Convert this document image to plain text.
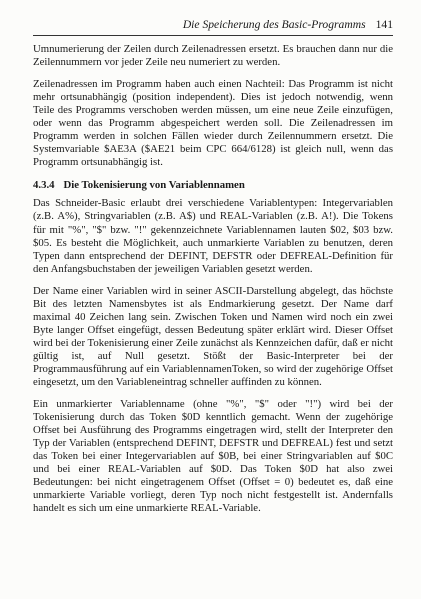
Die Speicherung des Basic-Programms 141

Umnumerierung der Zeilen durch Zeilenadressen ersetzt. Es brauchen dann nur die Zeilennummern vor jeder Zeile neu numeriert zu werden.

Zeilenadressen im Programm haben auch einen Nachteil: Das Programm ist nicht mehr ortsunabhängig (position independent). Dies ist jedoch notwendig, wenn Teile des Programms verschoben werden müssen, um eine neue Zeile einzufügen, oder wenn das Programm abgespeichert werden soll. Die Zeilenadressen im Programm werden in solchen Fällen wieder durch Zeilennummern ersetzt. Die Systemvariable $AE3A ($AE21 beim CPC 664/6128) ist gleich null, wenn das Programm ortsunabhängig ist.

4.3.4 Die Tokenisierung von Variablennamen

Das Schneider-Basic erlaubt drei verschiedene Variablentypen: Integervariablen (z.B. A%), Stringvariablen (z.B. A$) und REAL-Variablen (z.B. A!). Die Tokens für mit "%", "$" bzw. "!" gekennzeichnete Variablennamen lauten $02, $03 bzw. $05. Es besteht die Möglichkeit, auch unmarkierte Variablen zu benutzen, deren Typen dann entsprechend der DEFINT, DEFSTR oder DEFREAL-Definition für den Anfangsbuchstaben der jeweiligen Variablen gesetzt werden.

Der Name einer Variablen wird in seiner ASCII-Darstellung abgelegt, das höchste Bit des letzten Namensbytes ist als Endmarkierung gesetzt. Der Name darf maximal 40 Zeichen lang sein. Zwischen Token und Namen wird noch ein zwei Byte langer Offset eingefügt, dessen Bedeutung später erklärt wird. Dieser Offset wird bei der Tokenisierung einer Zeile zunächst als Kennzeichen dafür, daß er nicht gültig ist, auf Null gesetzt. Stößt der Basic-Interpreter bei der Programmausführung auf ein VariablennamenToken, so wird der zugehörige Offset eingesetzt, um den Variableneintrag schneller auffinden zu können.

Ein unmarkierter Variablenname (ohne "%", "$" oder "!") wird bei der Tokenisierung durch das Token $0D kenntlich gemacht. Wenn der zugehörige Offset bei Ausführung des Programms eingetragen wird, stellt der Interpreter den Typ der Variablen (entsprechend DEFINT, DEFSTR und DEFREAL) fest und setzt das Token bei einer Integervariablen auf $0B, bei einer Stringvariablen auf $0C und bei einer REAL-Variablen auf $0D. Das Token $0D hat also zwei Bedeutungen: bei nicht eingetragenem Offset (Offset = 0) bedeutet es, daß eine unmarkierte Variable vorliegt, deren Typ noch nicht festgestellt ist. Andernfalls handelt es sich um eine unmarkierte REAL-Variable.
